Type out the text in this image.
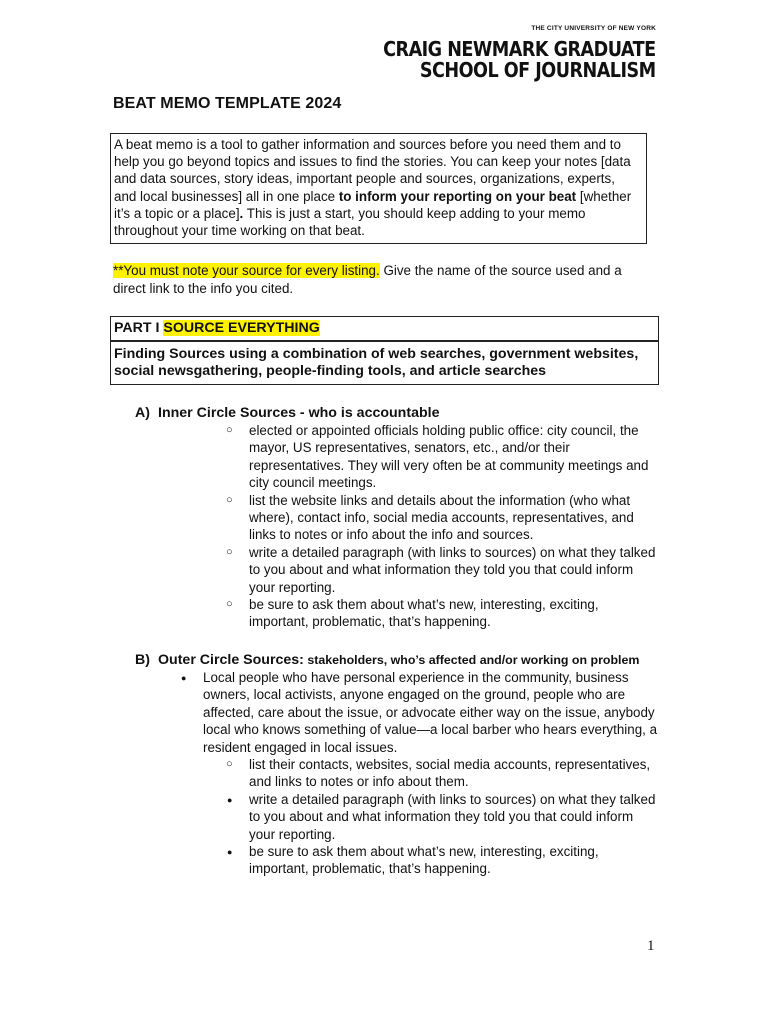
THE CITY UNIVERSITY OF NEW YORK
CRAIG NEWMARK GRADUATE
SCHOOL OF JOURNALISM
BEAT MEMO TEMPLATE 2024
A beat memo is a tool to gather information and sources before you need them and to help you go beyond topics and issues to find the stories. You can keep your notes [data and data sources, story ideas, important people and sources, organizations, experts, and local businesses] all in one place to inform your reporting on your beat [whether it’s a topic or a place]. This is just a start, you should keep adding to your memo throughout your time working on that beat.
**You must note your source for every listing. Give the name of the source used and a direct link to the info you cited.
PART I SOURCE EVERYTHING
Finding Sources using a combination of web searches, government websites, social newsgathering, people-finding tools, and article searches
A) Inner Circle Sources - who is accountable
○ elected or appointed officials holding public office: city council, the mayor, US representatives, senators, etc., and/or their representatives. They will very often be at community meetings and city council meetings.
○ list the website links and details about the information (who what where), contact info, social media accounts, representatives, and links to notes or info about the info and sources.
○ write a detailed paragraph (with links to sources) on what they talked to you about and what information they told you that could inform your reporting.
○ be sure to ask them about what’s new, interesting, exciting, important, problematic, that’s happening.
B) Outer Circle Sources: stakeholders, who’s affected and/or working on problem
● Local people who have personal experience in the community, business owners, local activists, anyone engaged on the ground, people who are affected, care about the issue, or advocate either way on the issue, anybody local who knows something of value—a local barber who hears everything, a resident engaged in local issues.
○ list their contacts, websites, social media accounts, representatives, and links to notes or info about them.
● write a detailed paragraph (with links to sources) on what they talked to you about and what information they told you that could inform your reporting.
● be sure to ask them about what’s new, interesting, exciting, important, problematic, that’s happening.
1
